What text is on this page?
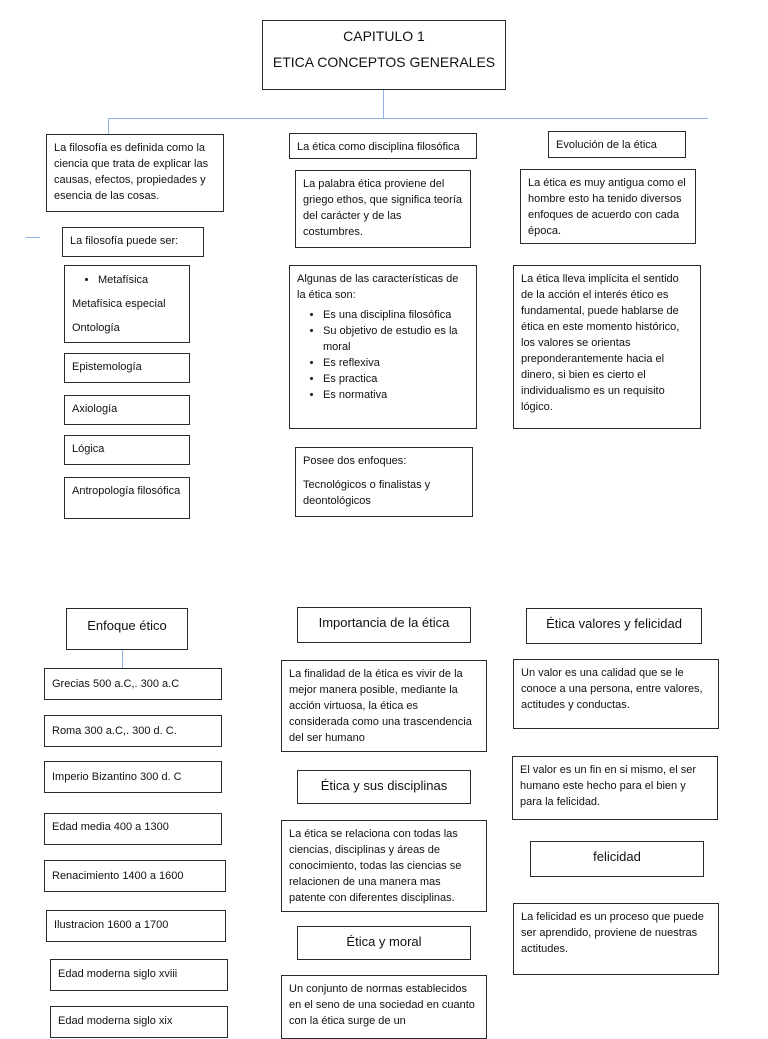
CAPITULO 1

ETICA CONCEPTOS GENERALES

La filosofía es definida como la ciencia que trata de explicar las causas, efectos, propiedades y esencia de las cosas.

La filosofía puede ser:

• Metafísica

Metafísica especial

Ontología

Epistemología

Axiología

Lógica

Antropología filosófica

La ética como disciplina filosófica

La palabra ética proviene del griego ethos, que significa teoría del carácter y de las costumbres.

Algunas de las características de la ética son:

• Es una disciplina filosófica
• Su objetivo de estudio es la moral
• Es reflexiva
• Es practica
• Es normativa

Posee dos enfoques:

Tecnológicos o finalistas y deontológicos

Evolución de la ética

La ética es muy antigua como el hombre esto ha tenido diversos enfoques de acuerdo con cada época.

La ética lleva implícita el sentido de la acción el interés ético es fundamental, puede hablarse de ética en este momento histórico, los valores se orientas preponderantemente hacia el dinero, si bien es cierto el individualismo es un requisito lógico.

Enfoque ético

Grecias 500 a.C,. 300 a.C

Roma 300 a.C,. 300 d. C.

Imperio Bizantino 300 d. C

Edad media 400 a 1300

Renacimiento 1400 a 1600

Ilustracion 1600 a 1700

Edad moderna siglo xviii

Edad moderna siglo xix

Importancia de la ética

La finalidad de la ética es vivir de la mejor manera posible, mediante la acción virtuosa, la ética es considerada como una trascendencia del ser humano

Ética y sus disciplinas

La ética se relaciona con todas las ciencias, disciplinas y áreas de conocimiento, todas las ciencias se relacionen de una manera mas patente con diferentes disciplinas.

Ética y moral

Un conjunto de normas establecidos en el seno de una sociedad en cuanto con la ética surge de un

Ética valores y felicidad

Un valor es una calidad que se le conoce a una persona, entre valores, actitudes y conductas.

El valor es un fin en si mismo, el ser humano este hecho para el bien y para la felicidad.

felicidad

La felicidad es un proceso que puede ser aprendido, proviene de nuestras actitudes.
